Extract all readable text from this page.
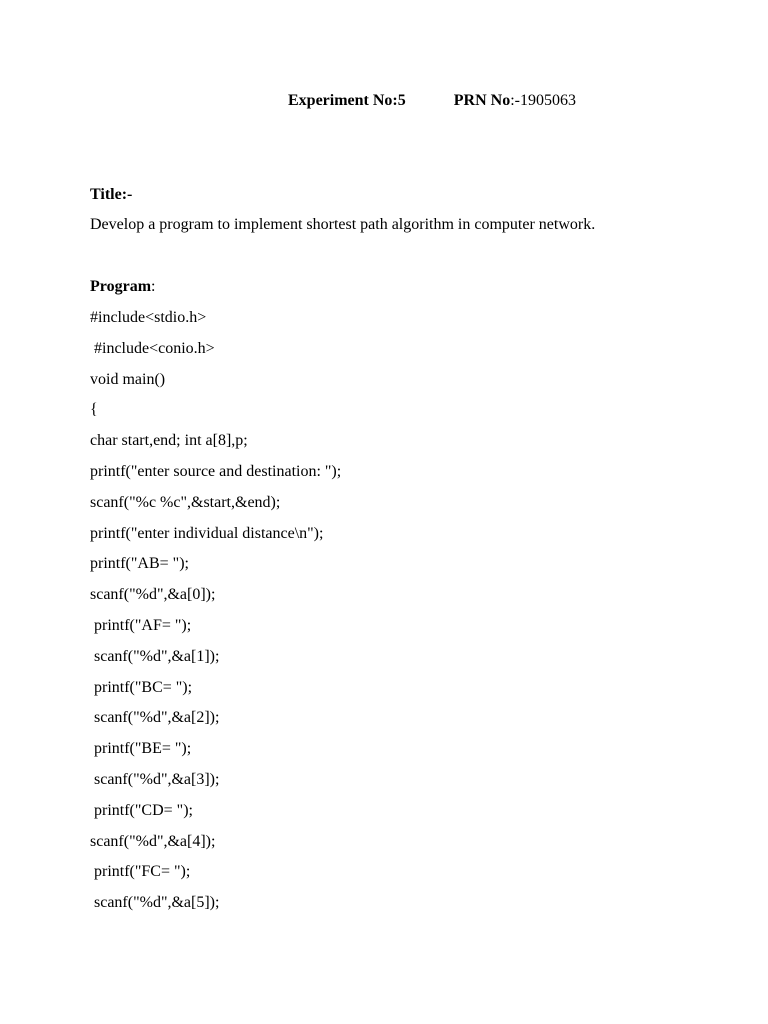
Experiment No:5	PRN No:-1905063
Title:-
Develop a program to implement shortest path algorithm in computer network.
Program:
#include<stdio.h>
#include<conio.h>
void main()
{
char start,end; int a[8],p;
printf("enter source and destination: ");
scanf("%c %c",&start,&end);
printf("enter individual distance\n");
printf("AB= ");
scanf("%d",&a[0]);
printf("AF= ");
scanf("%d",&a[1]);
printf("BC= ");
scanf("%d",&a[2]);
printf("BE= ");
scanf("%d",&a[3]);
printf("CD= ");
scanf("%d",&a[4]);
printf("FC= ");
scanf("%d",&a[5]);
